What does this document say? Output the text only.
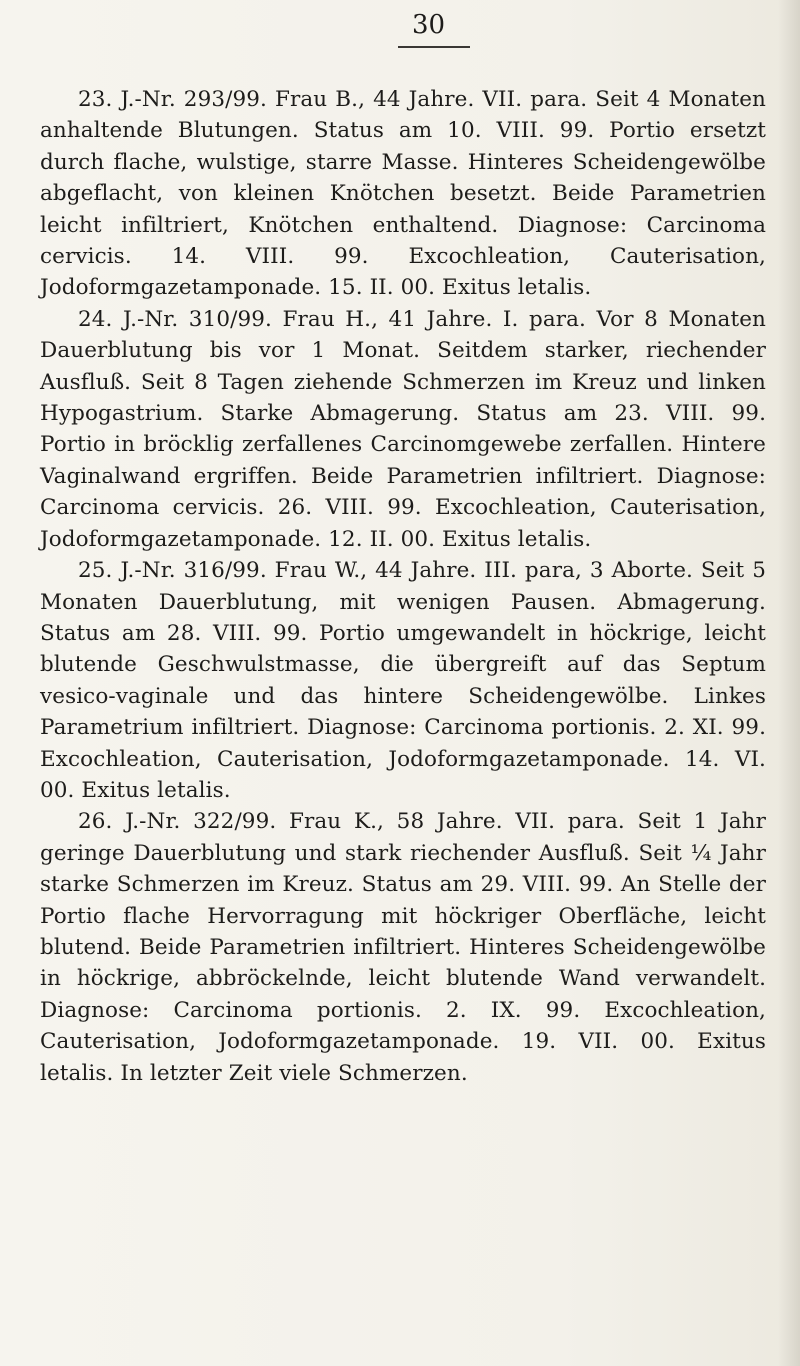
30

23. J.-Nr. 293/99. Frau B., 44 Jahre. VII. para. Seit 4 Monaten anhaltende Blutungen. Status am 10. VIII. 99. Portio ersetzt durch flache, wulstige, starre Masse. Hinteres Scheidengewölbe abgeflacht, von kleinen Knötchen besetzt. Beide Parametrien leicht infiltriert, Knötchen enthaltend. Diagnose: Carcinoma cervicis. 14. VIII. 99. Excochleation, Cauterisation, Jodoformgazetamponade. 15. II. 00. Exitus letalis.

24. J.-Nr. 310/99. Frau H., 41 Jahre. I. para. Vor 8 Monaten Dauerblutung bis vor 1 Monat. Seitdem starker, riechender Ausfluß. Seit 8 Tagen ziehende Schmerzen im Kreuz und linken Hypogastrium. Starke Abmagerung. Status am 23. VIII. 99. Portio in bröcklig zerfallenes Carcinomgewebe zerfallen. Hintere Vaginalwand ergriffen. Beide Parametrien infiltriert. Diagnose: Carcinoma cervicis. 26. VIII. 99. Excochleation, Cauterisation, Jodoformgazetamponade. 12. II. 00. Exitus letalis.

25. J.-Nr. 316/99. Frau W., 44 Jahre. III. para, 3 Aborte. Seit 5 Monaten Dauerblutung, mit wenigen Pausen. Abmagerung. Status am 28. VIII. 99. Portio umgewandelt in höckrige, leicht blutende Geschwulstmasse, die übergreift auf das Septum vesico-vaginale und das hintere Scheidengewölbe. Linkes Parametrium infiltriert. Diagnose: Carcinoma portionis. 2. XI. 99. Excochleation, Cauterisation, Jodoformgazetamponade. 14. VI. 00. Exitus letalis.

26. J.-Nr. 322/99. Frau K., 58 Jahre. VII. para. Seit 1 Jahr geringe Dauerblutung und stark riechender Ausfluß. Seit ¼ Jahr starke Schmerzen im Kreuz. Status am 29. VIII. 99. An Stelle der Portio flache Hervorragung mit höckriger Oberfläche, leicht blutend. Beide Parametrien infiltriert. Hinteres Scheidengewölbe in höckrige, abbröckelnde, leicht blutende Wand verwandelt. Diagnose: Carcinoma portionis. 2. IX. 99. Excochleation, Cauterisation, Jodoformgazetamponade. 19. VII. 00. Exitus letalis. In letzter Zeit viele Schmerzen.
